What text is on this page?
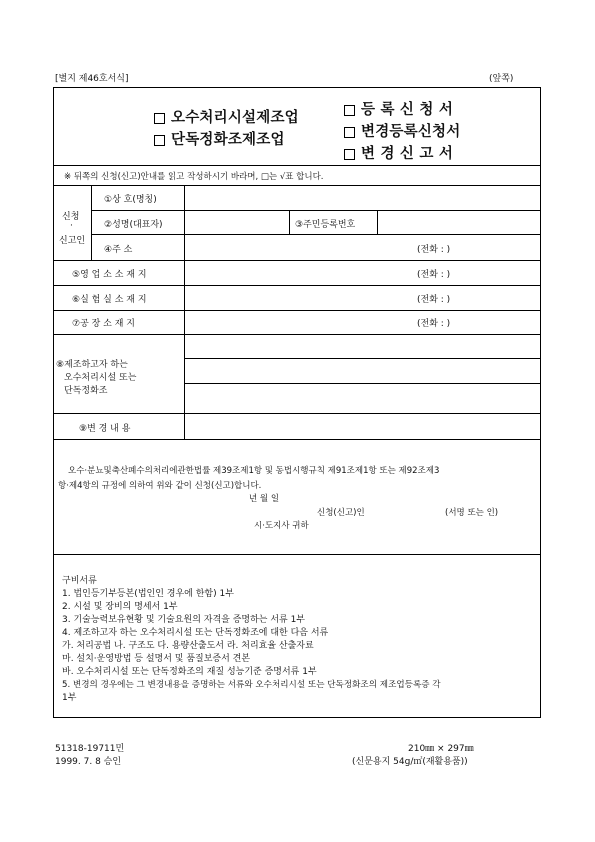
[별지 제46호서식]	(앞쪽)
오수처리시설제조업
단독정화조제조업
등 록 신 청 서
변경등록신청서
변 경 신 고 서
※ 뒤쪽의 신청(신고)안내를 읽고 작성하시기 바라며, □는 √표 합니다.
신청
·
신고인
①상 호(명칭)
②성명(대표자)	③주민등록번호
④주 소	(전화 : )
⑤영 업 소 소 재 지	(전화 : )
⑥실 험 실 소 재 지	(전화 : )
⑦공 장 소 재 지	(전화 : )
⑧제조하고자 하는
오수처리시설 또는
단독정화조
⑨변 경 내 용
오수·분뇨및축산폐수의처리에관한법률 제39조제1항 및 동법시행규칙 제91조제1항 또는 제92조제3
항·제4항의 규정에 의하여 위와 같이 신청(신고)합니다.
년 월 일
신청(신고)인	(서명 또는 인)
시·도지사 귀하
구비서류
1. 법인등기부등본(법인인 경우에 한함) 1부
2. 시설 및 장비의 명세서 1부
3. 기술능력보유현황 및 기술요원의 자격을 증명하는 서류 1부
4. 제조하고자 하는 오수처리시설 또는 단독정화조에 대한 다음 서류
가. 처리공법 나. 구조도 다. 용량산출도서 라. 처리효율 산출자료
마. 설치·운영방법 등 설명서 및 품질보증서 견본
바. 오수처리시설 또는 단독정화조의 재질 성능기준 증명서류 1부
5. 변경의 경우에는 그 변경내용을 증명하는 서류와 오수처리시설 또는 단독정화조의 제조업등록증 각
1부
51318-19711민
1999. 7. 8 승인
210㎜ × 297㎜
(신문용지 54g/㎡(재활용품))
